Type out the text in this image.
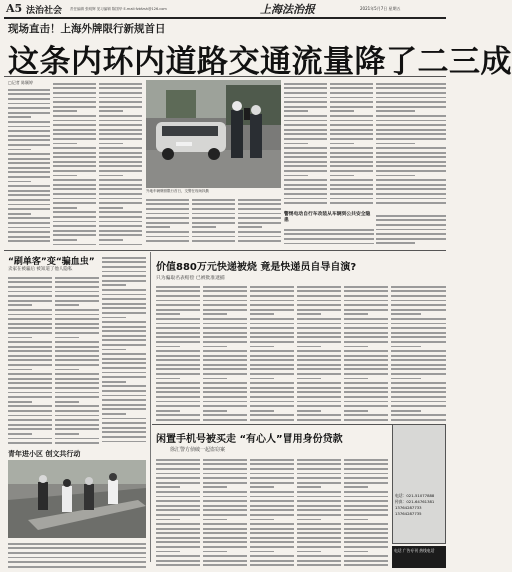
A5 法治社会 责任编辑 张明辉 见习编辑 陈国华 E-mail:fzbfzsh@126.com	上海法治报	2021年5月7日 星期五
现场直击！上海外牌限行新规首日
这条内环内道路交通流量降了二三成
□记者 陈颖婷
外地车辆牌照限行首日，交警在现场执勤
警惕电动自行车改装从车辆到公共安全隐患
“刷单客”变“骗血虫”
卖家在被骗后 被知道了他人隐私	价值880万元快递被烧 竟是快递员自导自演?
只为骗取名表赔偿 已被批准逮捕
青年进小区 创文共行动
闲置手机号被买走 “有心人”冒用身份贷款
徐汇警方侦破一起盗窃案
电话：021-51077888
传真：021-64761381
13764287733
13764287735
电话 广告专刊 热线电话
